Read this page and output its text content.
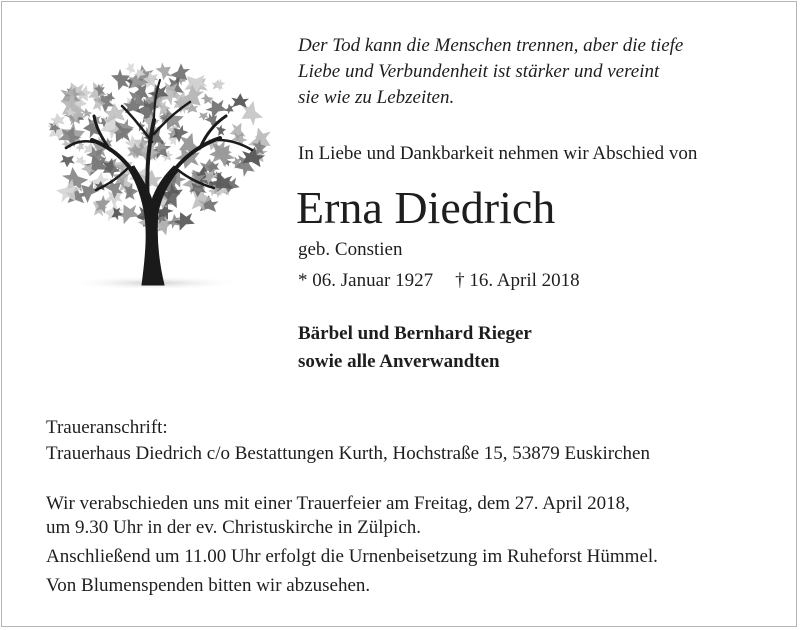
Der Tod kann die Menschen trennen, aber die tiefe
Liebe und Verbundenheit ist stärker und vereint
sie wie zu Lebzeiten.
In Liebe und Dankbarkeit nehmen wir Abschied von
Erna Diedrich
geb. Constien
* 06. Januar 1927 † 16. April 2018
Bärbel und Bernhard Rieger
sowie alle Anverwandten
Traueranschrift:
Trauerhaus Diedrich c/o Bestattungen Kurth, Hochstraße 15, 53879 Euskirchen
Wir verabschieden uns mit einer Trauerfeier am Freitag, dem 27. April 2018,
um 9.30 Uhr in der ev. Christuskirche in Zülpich.
Anschließend um 11.00 Uhr erfolgt die Urnenbeisetzung im Ruheforst Hümmel.
Von Blumenspenden bitten wir abzusehen.
